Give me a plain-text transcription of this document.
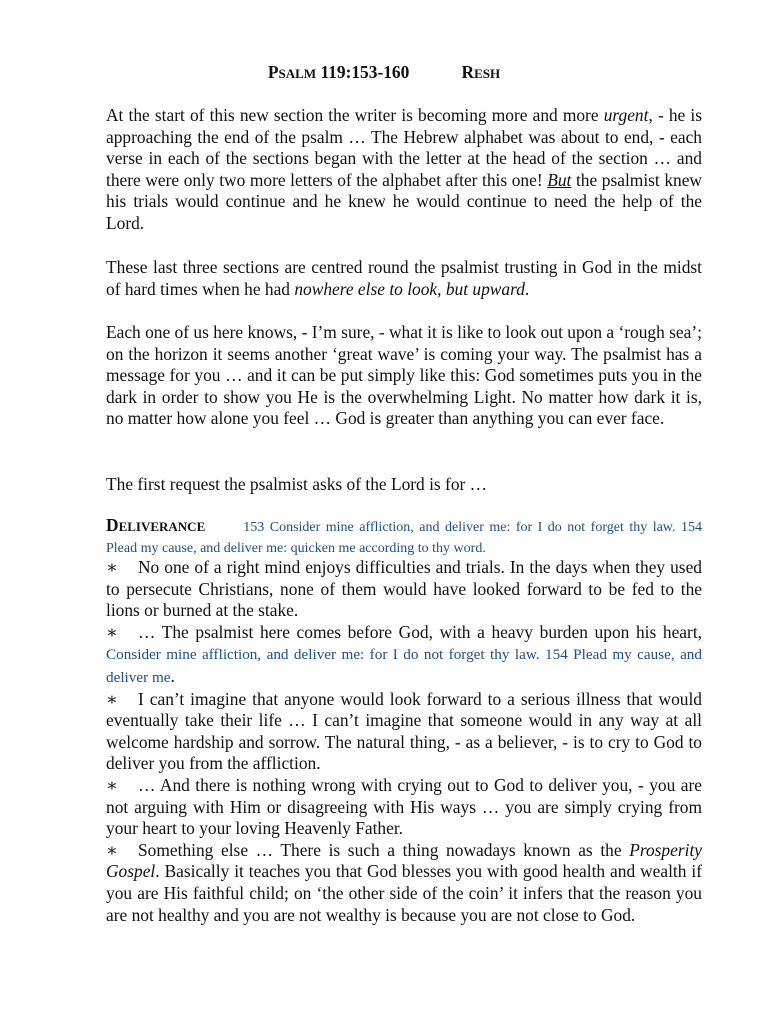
PSALM 119:153-160	RESH

At the start of this new section the writer is becoming more and more urgent, - he is approaching the end of the psalm … The Hebrew alphabet was about to end, - each verse in each of the sections began with the letter at the head of the section … and there were only two more letters of the alphabet after this one! But the psalmist knew his trials would continue and he knew he would continue to need the help of the Lord.

These last three sections are centred round the psalmist trusting in God in the midst of hard times when he had nowhere else to look, but upward.

Each one of us here knows, - I’m sure, - what it is like to look out upon a ‘rough sea’; on the horizon it seems another ‘great wave’ is coming your way. The psalmist has a message for you … and it can be put simply like this: God sometimes puts you in the dark in order to show you He is the overwhelming Light. No matter how dark it is, no matter how alone you feel … God is greater than anything you can ever face.

The first request the psalmist asks of the Lord is for …

DELIVERANCE	153 Consider mine affliction, and deliver me: for I do not forget thy law. 154 Plead my cause, and deliver me: quicken me according to thy word.

∗ No one of a right mind enjoys difficulties and trials. In the days when they used to persecute Christians, none of them would have looked forward to be fed to the lions or burned at the stake.

∗ … The psalmist here comes before God, with a heavy burden upon his heart, Consider mine affliction, and deliver me: for I do not forget thy law. 154 Plead my cause, and deliver me.

∗ I can’t imagine that anyone would look forward to a serious illness that would eventually take their life … I can’t imagine that someone would in any way at all welcome hardship and sorrow. The natural thing, - as a believer, - is to cry to God to deliver you from the affliction.

∗ … And there is nothing wrong with crying out to God to deliver you, - you are not arguing with Him or disagreeing with His ways … you are simply crying from your heart to your loving Heavenly Father.

∗ Something else … There is such a thing nowadays known as the Prosperity Gospel. Basically it teaches you that God blesses you with good health and wealth if you are His faithful child; on ‘the other side of the coin’ it infers that the reason you are not healthy and you are not wealthy is because you are not close to God.
